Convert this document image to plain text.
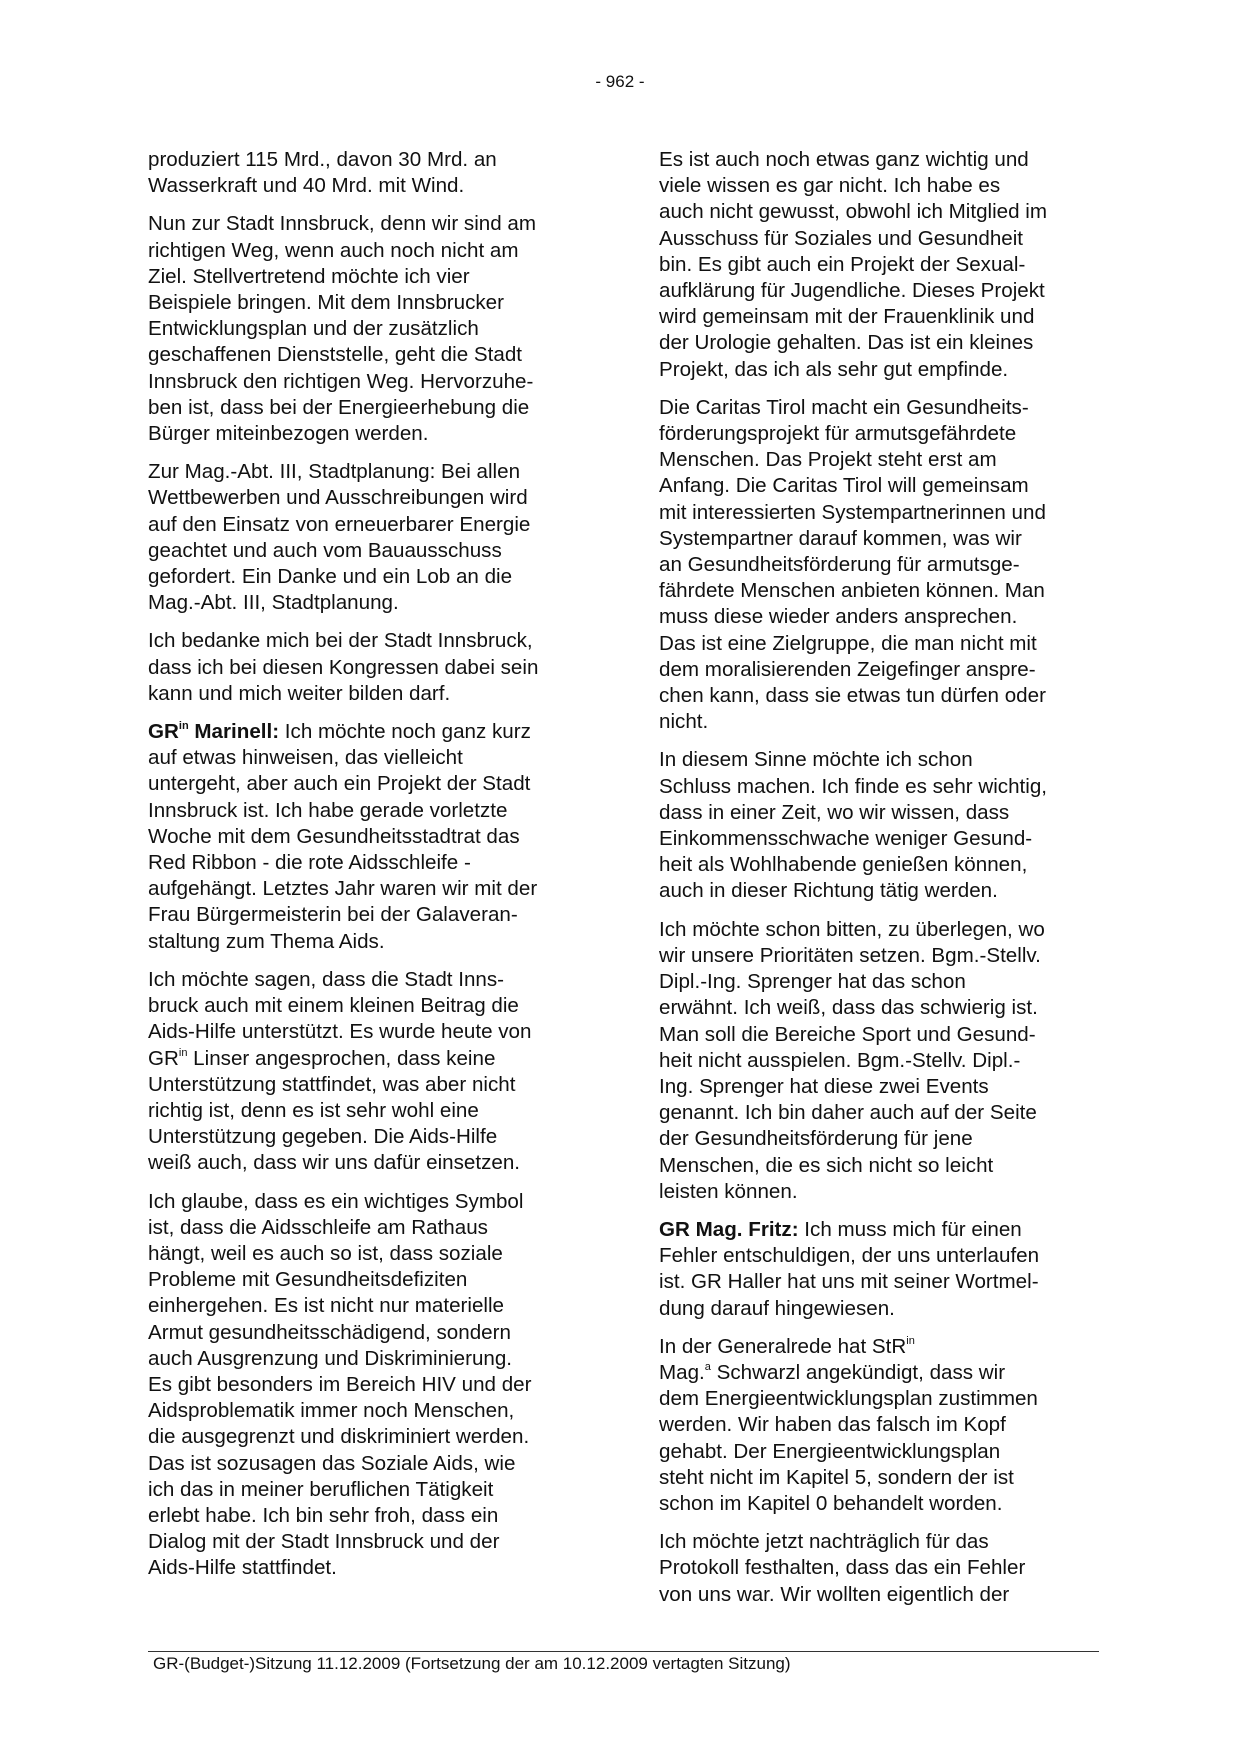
- 962 -

produziert 115 Mrd., davon 30 Mrd. an
Wasserkraft und 40 Mrd. mit Wind.

Nun zur Stadt Innsbruck, denn wir sind am
richtigen Weg, wenn auch noch nicht am
Ziel. Stellvertretend möchte ich vier
Beispiele bringen. Mit dem Innsbrucker
Entwicklungsplan und der zusätzlich
geschaffenen Dienststelle, geht die Stadt
Innsbruck den richtigen Weg. Hervorzuhe-
ben ist, dass bei der Energieerhebung die
Bürger miteinbezogen werden.

Zur Mag.-Abt. III, Stadtplanung: Bei allen
Wettbewerben und Ausschreibungen wird
auf den Einsatz von erneuerbarer Energie
geachtet und auch vom Bauausschuss
gefordert. Ein Danke und ein Lob an die
Mag.-Abt. III, Stadtplanung.

Ich bedanke mich bei der Stadt Innsbruck,
dass ich bei diesen Kongressen dabei sein
kann und mich weiter bilden darf.

$GR^{in}$ Marinell: Ich möchte noch ganz kurz
auf etwas hinweisen, das vielleicht
untergeht, aber auch ein Projekt der Stadt
Innsbruck ist. Ich habe gerade vorletzte
Woche mit dem Gesundheitsstadtrat das
Red Ribbon - die rote Aidsschleife -
aufgehängt. Letztes Jahr waren wir mit der
Frau Bürgermeisterin bei der Galaveran-
staltung zum Thema Aids.

Ich möchte sagen, dass die Stadt Inns-
bruck auch mit einem kleinen Beitrag die
Aids-Hilfe unterstützt. Es wurde heute von
$GR^{in}$ Linser angesprochen, dass keine
Unterstützung stattfindet, was aber nicht
richtig ist, denn es ist sehr wohl eine
Unterstützung gegeben. Die Aids-Hilfe
weiß auch, dass wir uns dafür einsetzen.

Ich glaube, dass es ein wichtiges Symbol
ist, dass die Aidsschleife am Rathaus
hängt, weil es auch so ist, dass soziale
Probleme mit Gesundheitsdefiziten
einhergehen. Es ist nicht nur materielle
Armut gesundheitsschädigend, sondern
auch Ausgrenzung und Diskriminierung.
Es gibt besonders im Bereich HIV und der
Aidsproblematik immer noch Menschen,
die ausgegrenzt und diskriminiert werden.
Das ist sozusagen das Soziale Aids, wie
ich das in meiner beruflichen Tätigkeit
erlebt habe. Ich bin sehr froh, dass ein
Dialog mit der Stadt Innsbruck und der
Aids-Hilfe stattfindet.

Es ist auch noch etwas ganz wichtig und
viele wissen es gar nicht. Ich habe es
auch nicht gewusst, obwohl ich Mitglied im
Ausschuss für Soziales und Gesundheit
bin. Es gibt auch ein Projekt der Sexual-
aufklärung für Jugendliche. Dieses Projekt
wird gemeinsam mit der Frauenklinik und
der Urologie gehalten. Das ist ein kleines
Projekt, das ich als sehr gut empfinde.

Die Caritas Tirol macht ein Gesundheits-
förderungsprojekt für armutsgefährdete
Menschen. Das Projekt steht erst am
Anfang. Die Caritas Tirol will gemeinsam
mit interessierten Systempartnerinnen und
Systempartner darauf kommen, was wir
an Gesundheitsförderung für armutsge-
fährdete Menschen anbieten können. Man
muss diese wieder anders ansprechen.
Das ist eine Zielgruppe, die man nicht mit
dem moralisierenden Zeigefinger anspre-
chen kann, dass sie etwas tun dürfen oder
nicht.

In diesem Sinne möchte ich schon
Schluss machen. Ich finde es sehr wichtig,
dass in einer Zeit, wo wir wissen, dass
Einkommensschwache weniger Gesund-
heit als Wohlhabende genießen können,
auch in dieser Richtung tätig werden.

Ich möchte schon bitten, zu überlegen, wo
wir unsere Prioritäten setzen. Bgm.-Stellv.
Dipl.-Ing. Sprenger hat das schon
erwähnt. Ich weiß, dass das schwierig ist.
Man soll die Bereiche Sport und Gesund-
heit nicht ausspielen. Bgm.-Stellv. Dipl.-
Ing. Sprenger hat diese zwei Events
genannt. Ich bin daher auch auf der Seite
der Gesundheitsförderung für jene
Menschen, die es sich nicht so leicht
leisten können.

GR Mag. Fritz: Ich muss mich für einen
Fehler entschuldigen, der uns unterlaufen
ist. GR Haller hat uns mit seiner Wortmel-
dung darauf hingewiesen.

In der Generalrede hat StR$^{in}$
Mag.$^a$ Schwarzl angekündigt, dass wir
dem Energieentwicklungsplan zustimmen
werden. Wir haben das falsch im Kopf
gehabt. Der Energieentwicklungsplan
steht nicht im Kapitel 5, sondern der ist
schon im Kapitel 0 behandelt worden.

Ich möchte jetzt nachträglich für das
Protokoll festhalten, dass das ein Fehler
von uns war. Wir wollten eigentlich der

GR-(Budget-)Sitzung 11.12.2009 (Fortsetzung der am 10.12.2009 vertagten Sitzung)
